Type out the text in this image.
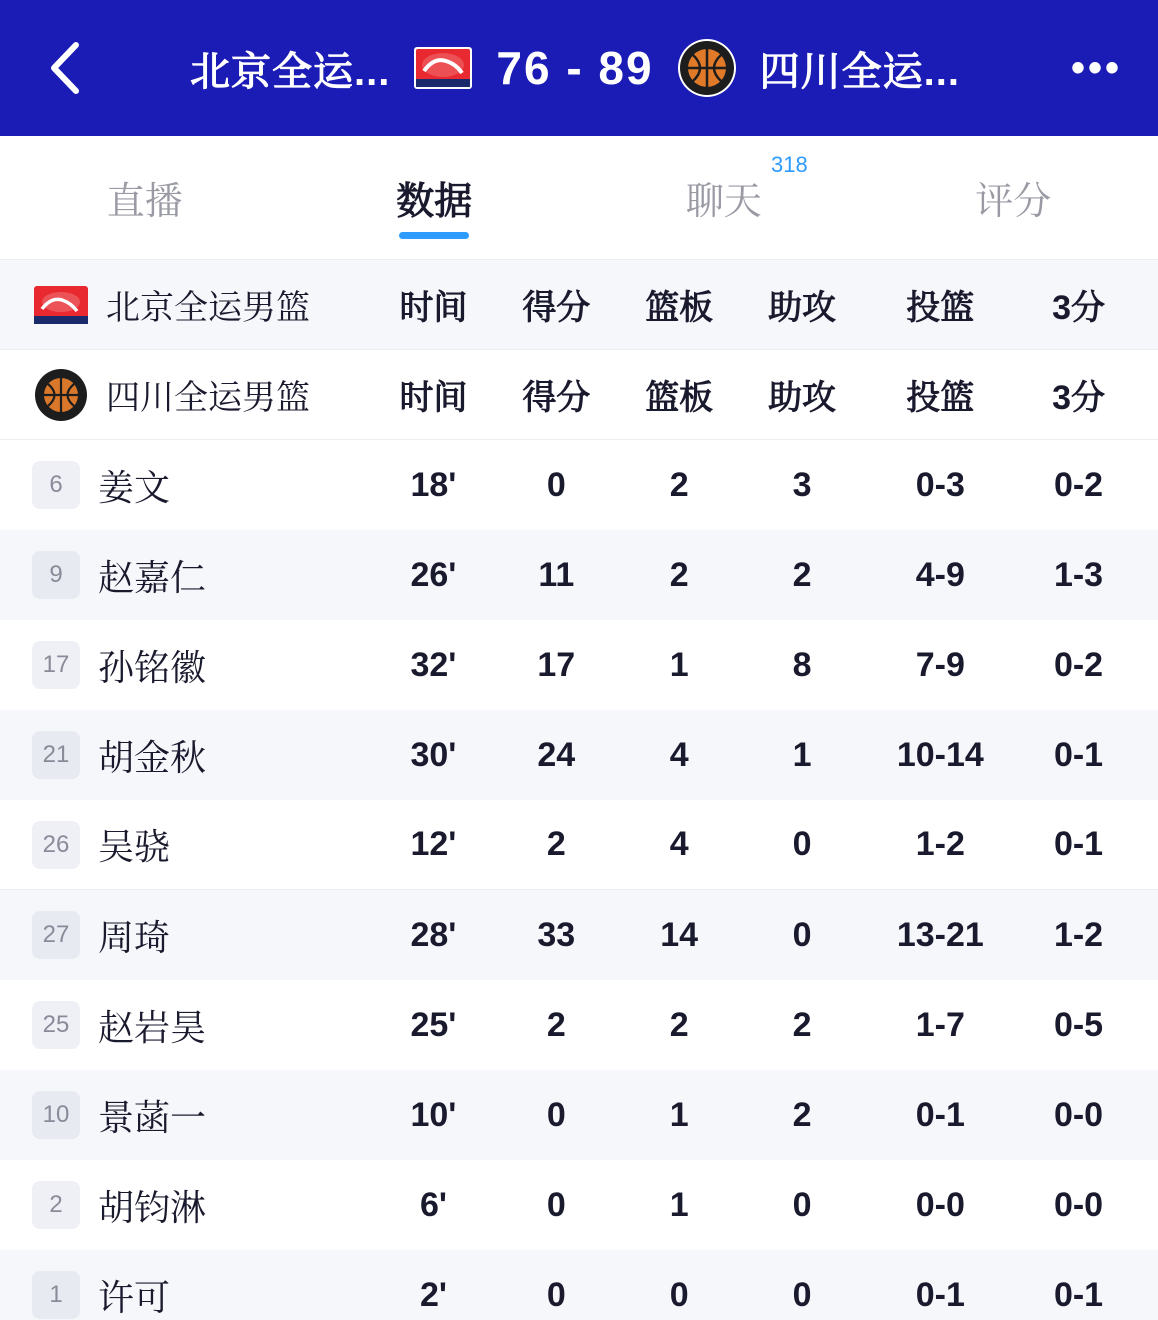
北京全运... 76 - 89	四川全运...	•••
直播	数据	聊天
318
评分
北京全运男篮	时间	得分	篮板	助攻	投篮	3分
四川全运男篮	时间	得分	篮板	助攻	投篮	3分
6 姜文	18'	0	2	3	0-3	0-2
9 赵嘉仁	26'	11	2	2	4-9	1-3
17 孙铭徽	32'	17	1	8	7-9	0-2
21 胡金秋	30'	24	4	1	10-14	0-1
26 吴骁	12'	2	4	0	1-2	0-1
27 周琦	28'	33	14	0	13-21	1-2
25 赵岩昊	25'	2	2	2	1-7	0-5
10 景菡一	10'	0	1	2	0-1	0-0
2 胡钧淋	6'	0	1	0	0-0	0-0
1 许可	2'	0	0	0	0-1	0-1
